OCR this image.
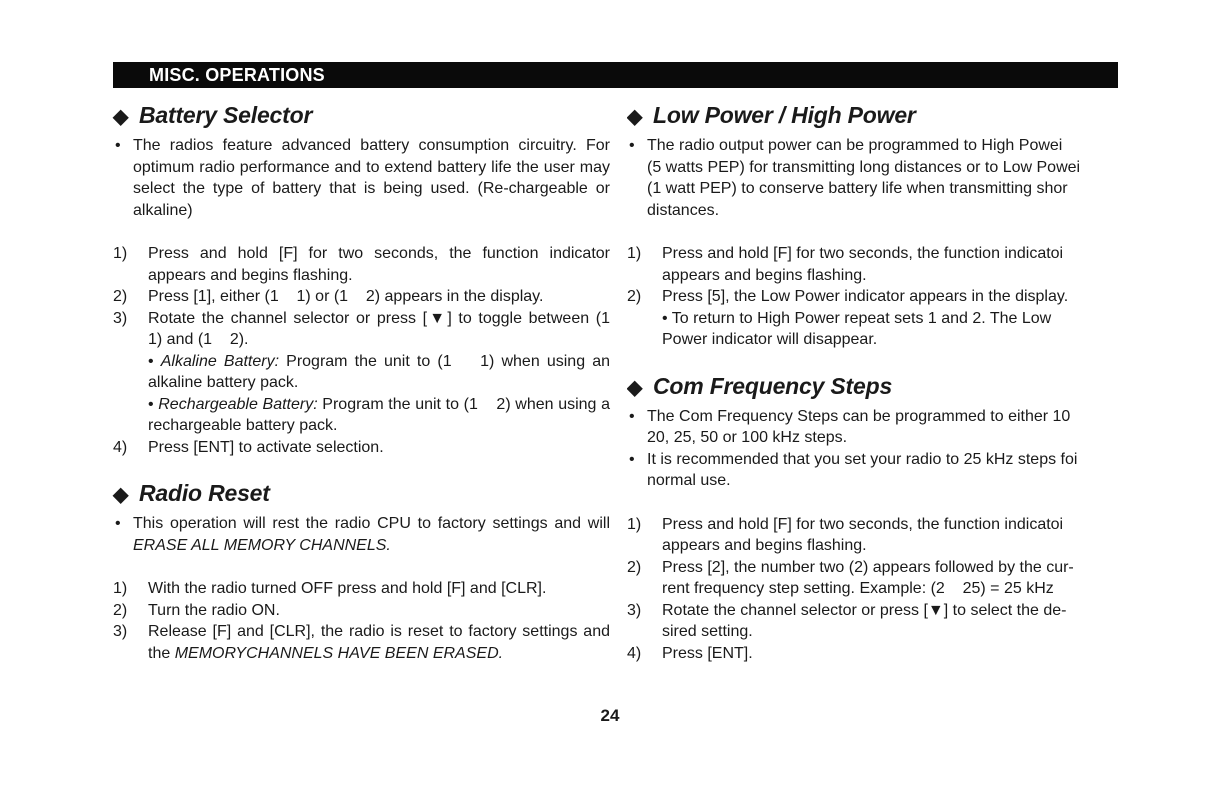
MISC. OPERATIONS
◆ Battery Selector
• The radios feature advanced battery consumption circuitry. For optimum radio performance and to extend battery life the user may select the type of battery that is being used. (Re-chargeable or alkaline)
1) Press and hold [F] for two seconds, the function indicator appears and begins flashing.
2) Press [1], either (1    1) or (1    2) appears in the display.
3) Rotate the channel selector or press [▼] to toggle between (1    1) and (1    2).
• Alkaline Battery: Program the unit to (1    1) when using an alkaline battery pack.
• Rechargeable Battery: Program the unit to (1    2) when using a rechargeable battery pack.
4) Press [ENT] to activate selection.
◆ Radio Reset
• This operation will rest the radio CPU to factory settings and will ERASE ALL MEMORY CHANNELS.
1) With the radio turned OFF press and hold [F] and [CLR].
2) Turn the radio ON.
3) Release [F] and [CLR], the radio is reset to factory settings and the MEMORYCHANNELS HAVE BEEN ERASED.
◆ Low Power / High Power
• The radio output power can be programmed to High Powei
(5 watts PEP) for transmitting long distances or to Low Powei
(1 watt PEP) to conserve battery life when transmitting shor
distances.
1) Press and hold [F] for two seconds, the function indicatoi
appears and begins flashing.
2) Press [5], the Low Power indicator appears in the display.
• To return to High Power repeat sets 1 and 2. The Low
Power indicator will disappear.
◆ Com Frequency Steps
• The Com Frequency Steps can be programmed to either 10
20, 25, 50 or 100 kHz steps.
• It is recommended that you set your radio to 25 kHz steps foi
normal use.
1) Press and hold [F] for two seconds, the function indicatoi
appears and begins flashing.
2) Press [2], the number two (2) appears followed by the cur-
rent frequency step setting. Example: (2    25) = 25 kHz
3) Rotate the channel selector or press [▼] to select the de-
sired setting.
4) Press [ENT].
24
